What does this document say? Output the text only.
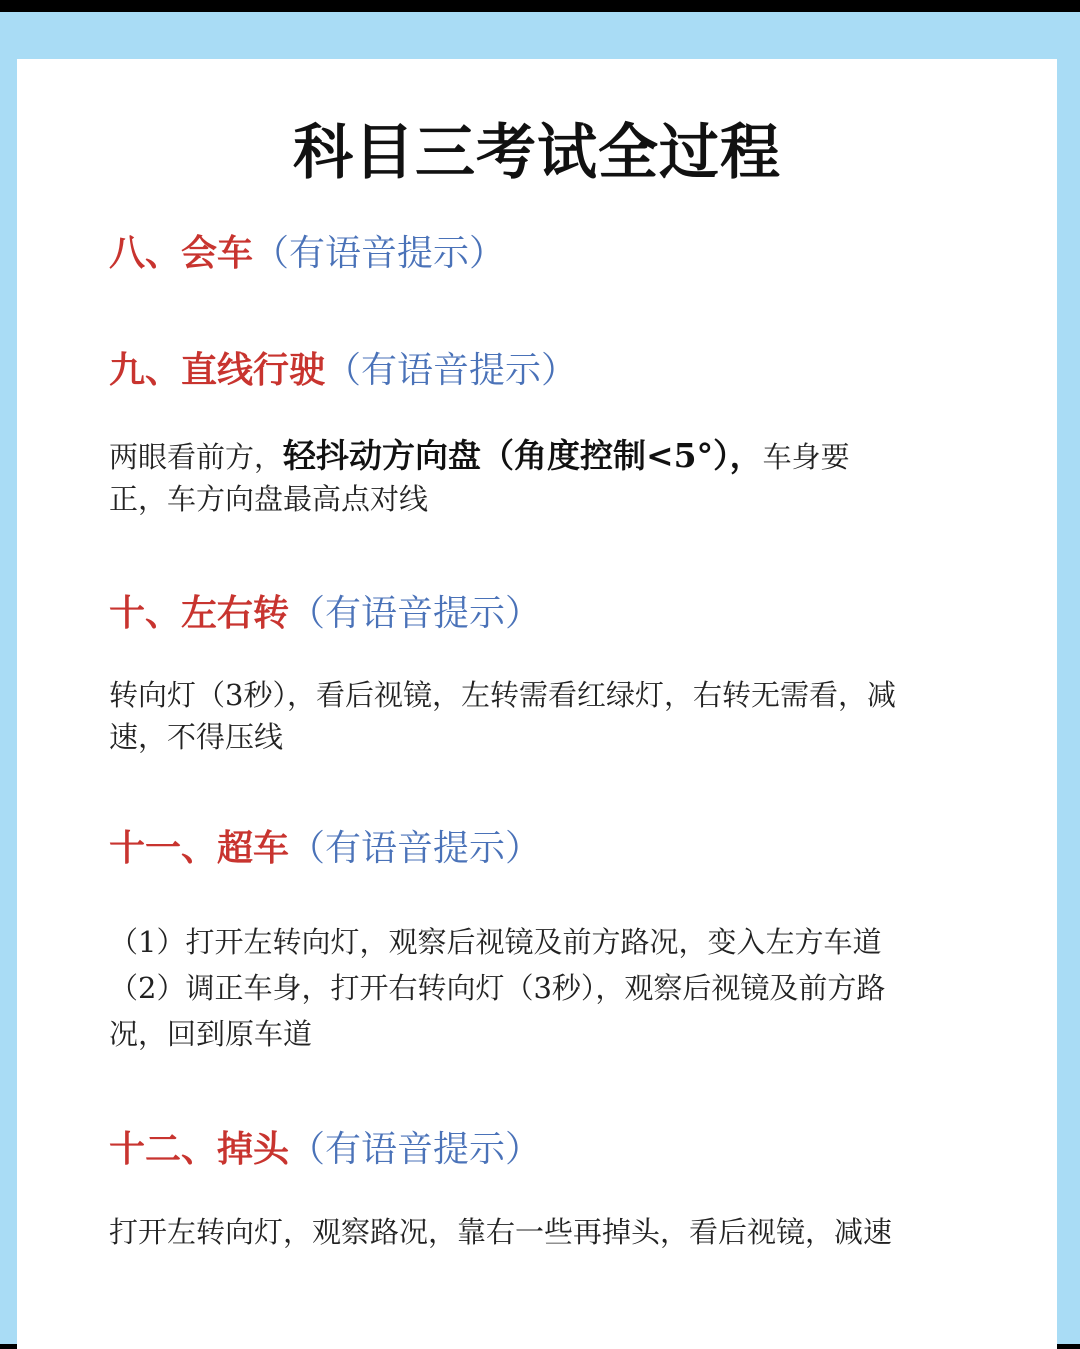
科目三考试全过程
八、会车（有语音提示）
九、直线行驶（有语音提示）
两眼看前方，轻抖动方向盘（角度控制<5°），车身要
正，车方向盘最高点对线
十、左右转（有语音提示）
转向灯（3秒），看后视镜，左转需看红绿灯，右转无需看，减
速，不得压线
十一、超车（有语音提示）
（1）打开左转向灯，观察后视镜及前方路况，变入左方车道
（2）调正车身，打开右转向灯（3秒），观察后视镜及前方路
况，回到原车道
十二、掉头（有语音提示）
打开左转向灯，观察路况，靠右一些再掉头，看后视镜，减速
